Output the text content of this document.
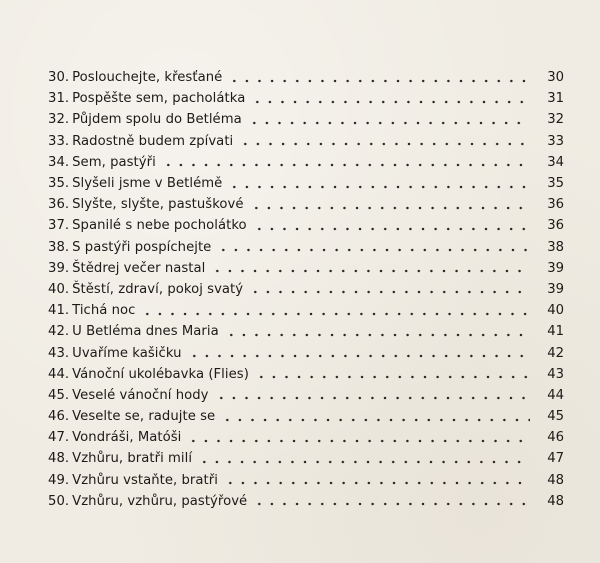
30. Poslouchejte, křesťané	30
31. Pospěšte sem, pacholátka	31
32. Půjdem spolu do Betléma	32
33. Radostně budem zpívati	33
34. Sem, pastýři	34
35. Slyšeli jsme v Betlémě	35
36. Slyšte, slyšte, pastuškové	36
37. Spanilé s nebe pocholátko	36
38. S pastýři pospíchejte	38
39. Štědrej večer nastal	39
40. Štěstí, zdraví, pokoj svatý	39
41. Tichá noc	40
42. U Betléma dnes Maria	41
43. Uvaříme kašičku	42
44. Vánoční ukolébavka (Flies)	43
45. Veselé vánoční hody	44
46. Veselte se, radujte se	45
47. Vondráši, Matóši	46
48. Vzhůru, bratři milí	47
49. Vzhůru vstaňte, bratři	48
50. Vzhůru, vzhůru, pastýřové	48
